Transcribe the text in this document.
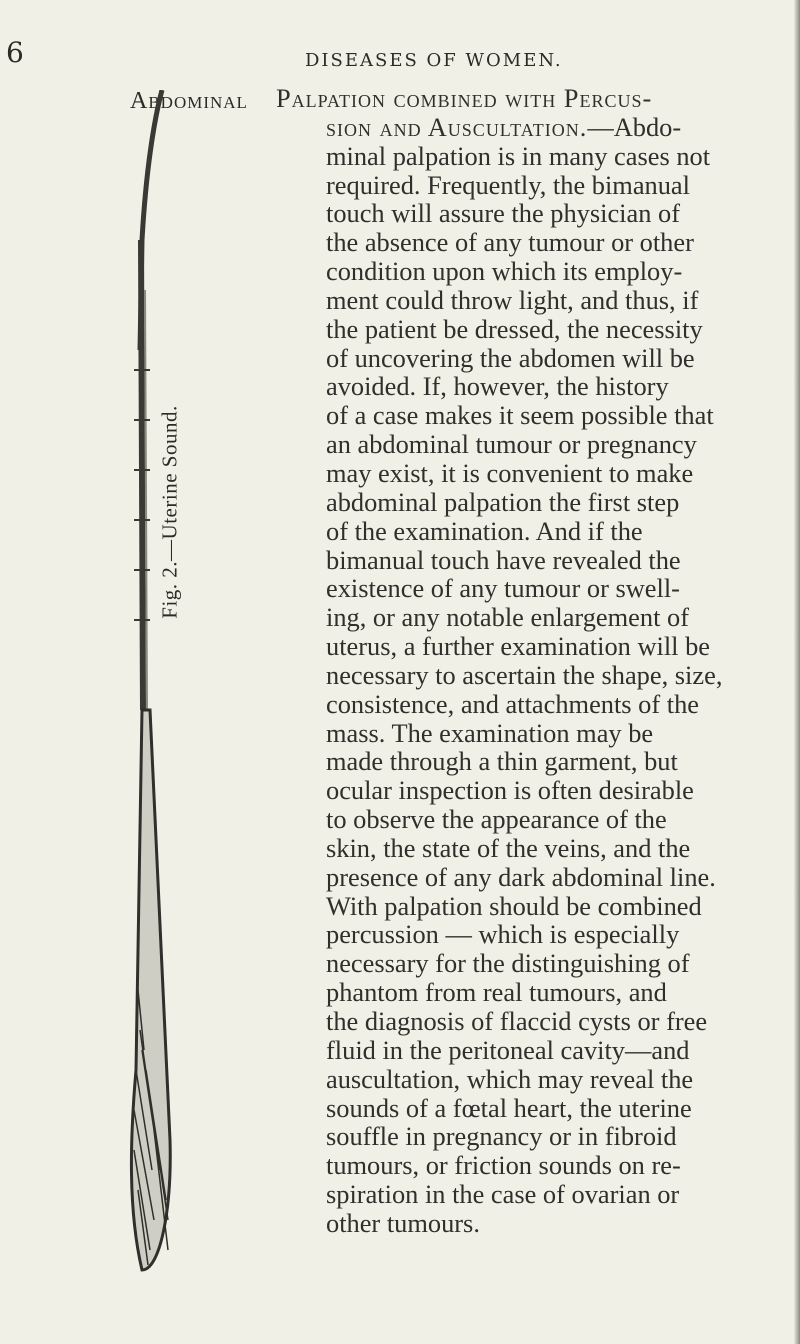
6	DISEASES OF WOMEN.
Abdominal
Fig. 2.—Uterine Sound.
Palpation combined with Percus-
sion and Auscultation.—Abdo-
minal palpation is in many cases not
required. Frequently, the bimanual
touch will assure the physician of
the absence of any tumour or other
condition upon which its employ-
ment could throw light, and thus, if
the patient be dressed, the necessity
of uncovering the abdomen will be
avoided. If, however, the history
of a case makes it seem possible that
an abdominal tumour or pregnancy
may exist, it is convenient to make
abdominal palpation the first step
of the examination. And if the
bimanual touch have revealed the
existence of any tumour or swell-
ing, or any notable enlargement of
uterus, a further examination will be
necessary to ascertain the shape, size,
consistence, and attachments of the
mass. The examination may be
made through a thin garment, but
ocular inspection is often desirable
to observe the appearance of the
skin, the state of the veins, and the
presence of any dark abdominal line.
With palpation should be combined
percussion — which is especially
necessary for the distinguishing of
phantom from real tumours, and
the diagnosis of flaccid cysts or free
fluid in the peritoneal cavity—and
auscultation, which may reveal the
sounds of a fœtal heart, the uterine
souffle in pregnancy or in fibroid
tumours, or friction sounds on re-
spiration in the case of ovarian or
other tumours.
